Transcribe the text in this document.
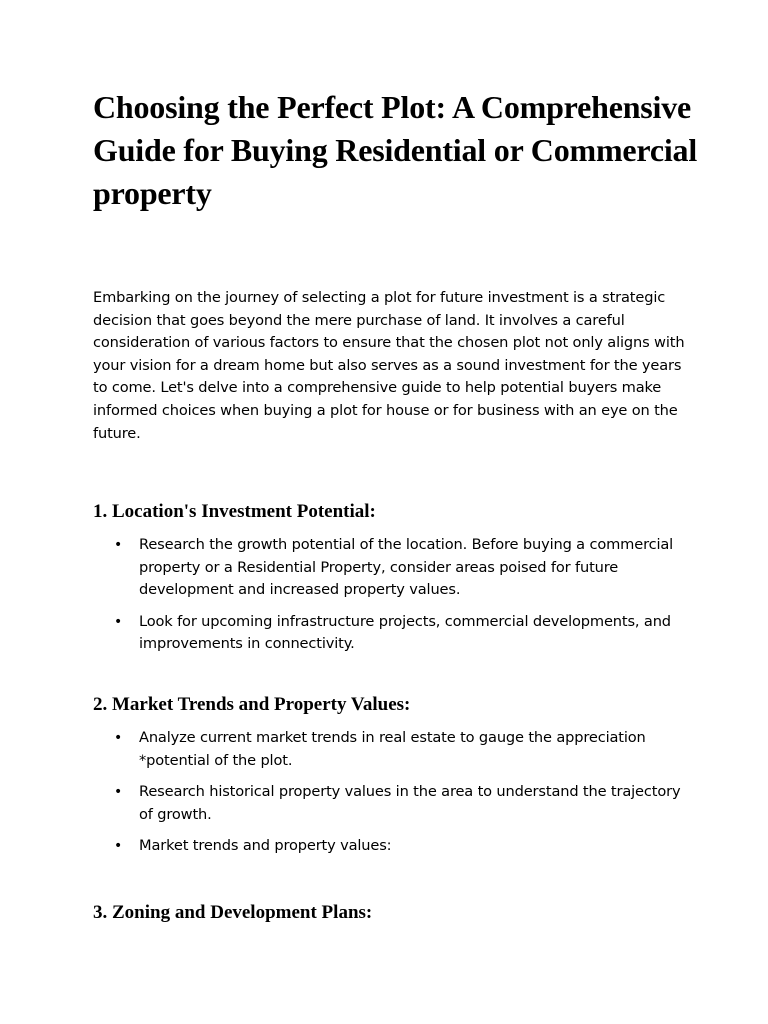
Choosing the Perfect Plot: A Comprehensive Guide for Buying Residential or Commercial property

Embarking on the journey of selecting a plot for future investment is a strategic decision that goes beyond the mere purchase of land. It involves a careful consideration of various factors to ensure that the chosen plot not only aligns with your vision for a dream home but also serves as a sound investment for the years to come. Let's delve into a comprehensive guide to help potential buyers make informed choices when buying a plot for house or for business with an eye on the future.

1. Location's Investment Potential:
• Research the growth potential of the location. Before buying a commercial property or a Residential Property, consider areas poised for future development and increased property values.
• Look for upcoming infrastructure projects, commercial developments, and improvements in connectivity.
2. Market Trends and Property Values:
• Analyze current market trends in real estate to gauge the appreciation *potential of the plot.
• Research historical property values in the area to understand the trajectory of growth.
• Market trends and property values:
3. Zoning and Development Plans:
